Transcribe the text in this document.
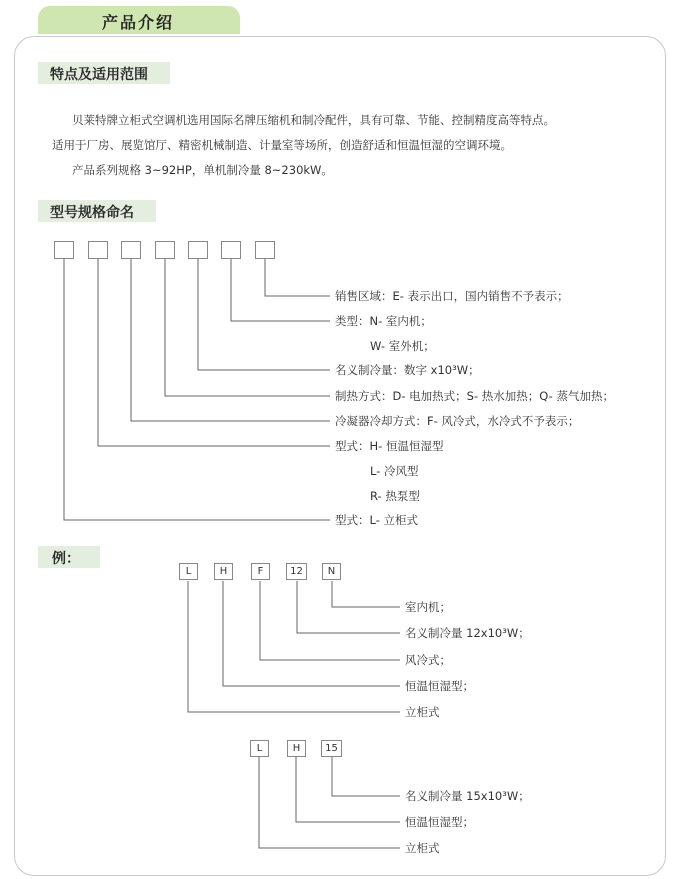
产品介绍
特点及适用范围
贝莱特牌立柜式空调机选用国际名牌压缩机和制冷配件，具有可靠、节能、控制精度高等特点。
适用于厂房、展览馆厅、精密机械制造、计量室等场所，创造舒适和恒温恒湿的空调环境。
产品系列规格 3~92HP，单机制冷量 8~230kW。
型号规格命名
销售区域：E- 表示出口，国内销售不予表示；
类型：N- 室内机；
W- 室外机；
名义制冷量：数字 x10³W；
制热方式：D- 电加热式；S- 热水加热；Q- 蒸气加热；
冷凝器冷却方式：F- 风冷式，水冷式不予表示；
型式：H- 恒温恒湿型
L- 冷风型
R- 热泵型
型式：L- 立柜式
例：
L	H	F	12	N
室内机；
名义制冷量 12x10³W；
风冷式；
恒温恒湿型；
立柜式
L	H	15
名义制冷量 15x10³W；
恒温恒湿型；
立柜式
